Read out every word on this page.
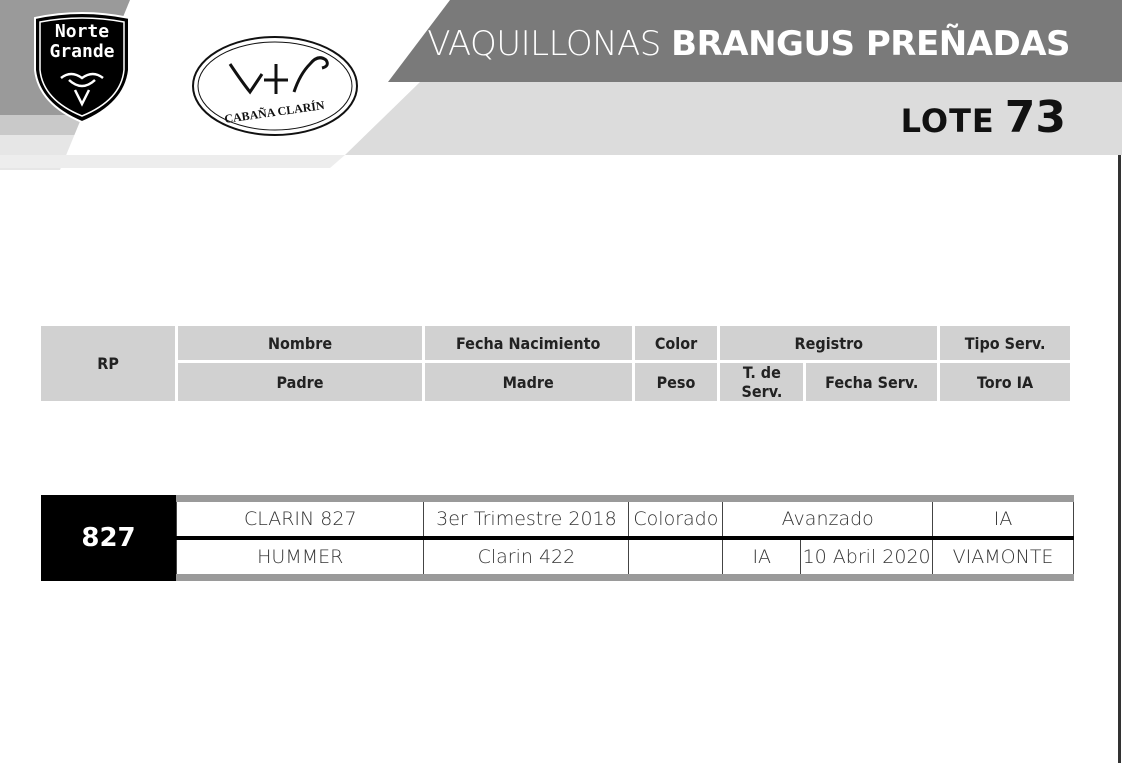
Norte
Grande
CABAÑA CLARÍN
VAQUILLONAS BRANGUS PREÑADAS
LOTE 73
RP	Nombre	Fecha Nacimiento	Color	Registro		Tipo Serv.
	Padre	Madre	Peso	T. de Serv.	Fecha Serv.	Toro IA
827
CLARIN 827	3er Trimestre 2018	Colorado	Avanzado		IA
HUMMER	Clarin 422		IA	10 Abril 2020	VIAMONTE
